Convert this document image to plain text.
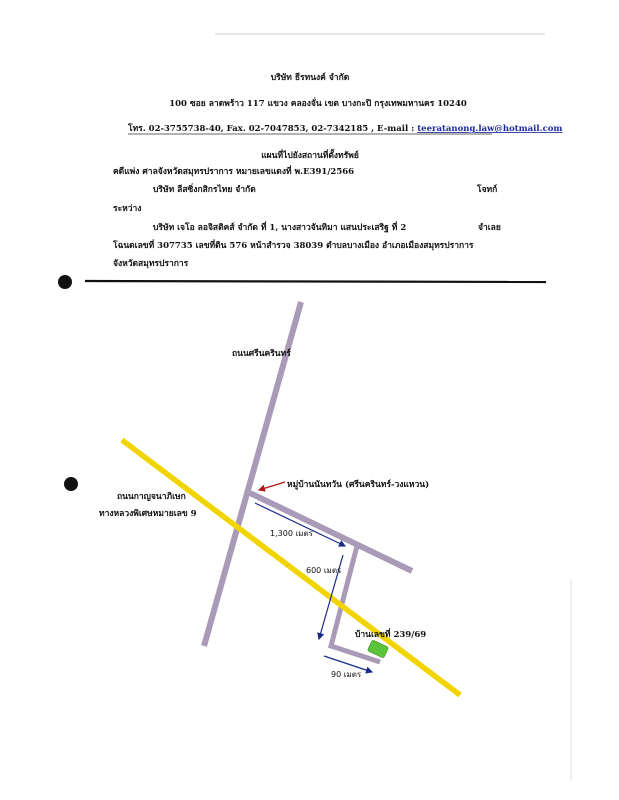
บริษัท ธีรทนงค์ จำกัด
100 ซอย ลาดพร้าว 117 แขวง คลองจั่น เขต บางกะปิ กรุงเทพมหานคร 10240
โทร. 02-3755738-40, Fax. 02-7047853, 02-7342185 , E-mail : teeratanong.law@hotmail.com
แผนที่ไปยังสถานที่ตั้งทรัพย์
คดีแพ่ง ศาลจังหวัดสมุทรปราการ หมายเลขแดงที่ พ.E391/2566
บริษัท ลีสซิ่งกสิกรไทย จำกัด	โจทก์
ระหว่าง
บริษัท เจโอ ลอจิสติคส์ จำกัด ที่ 1, นางสาวจันทิมา แสนประเสริฐ ที่ 2	จำเลย
โฉนดเลขที่ 307735 เลขที่ดิน 576 หน้าสำรวจ 38039 ตำบลบางเมือง อำเภอเมืองสมุทรปราการ
จังหวัดสมุทรปราการ
ถนนศรีนครินทร์
หมู่บ้านนันทวัน (ศรีนครินทร์-วงแหวน)
ถนนกาญจนาภิเษก
ทางหลวงพิเศษหมายเลข 9
1,300 เมตร
600 เมตร
บ้านเลขที่ 239/69
90 เมตร
